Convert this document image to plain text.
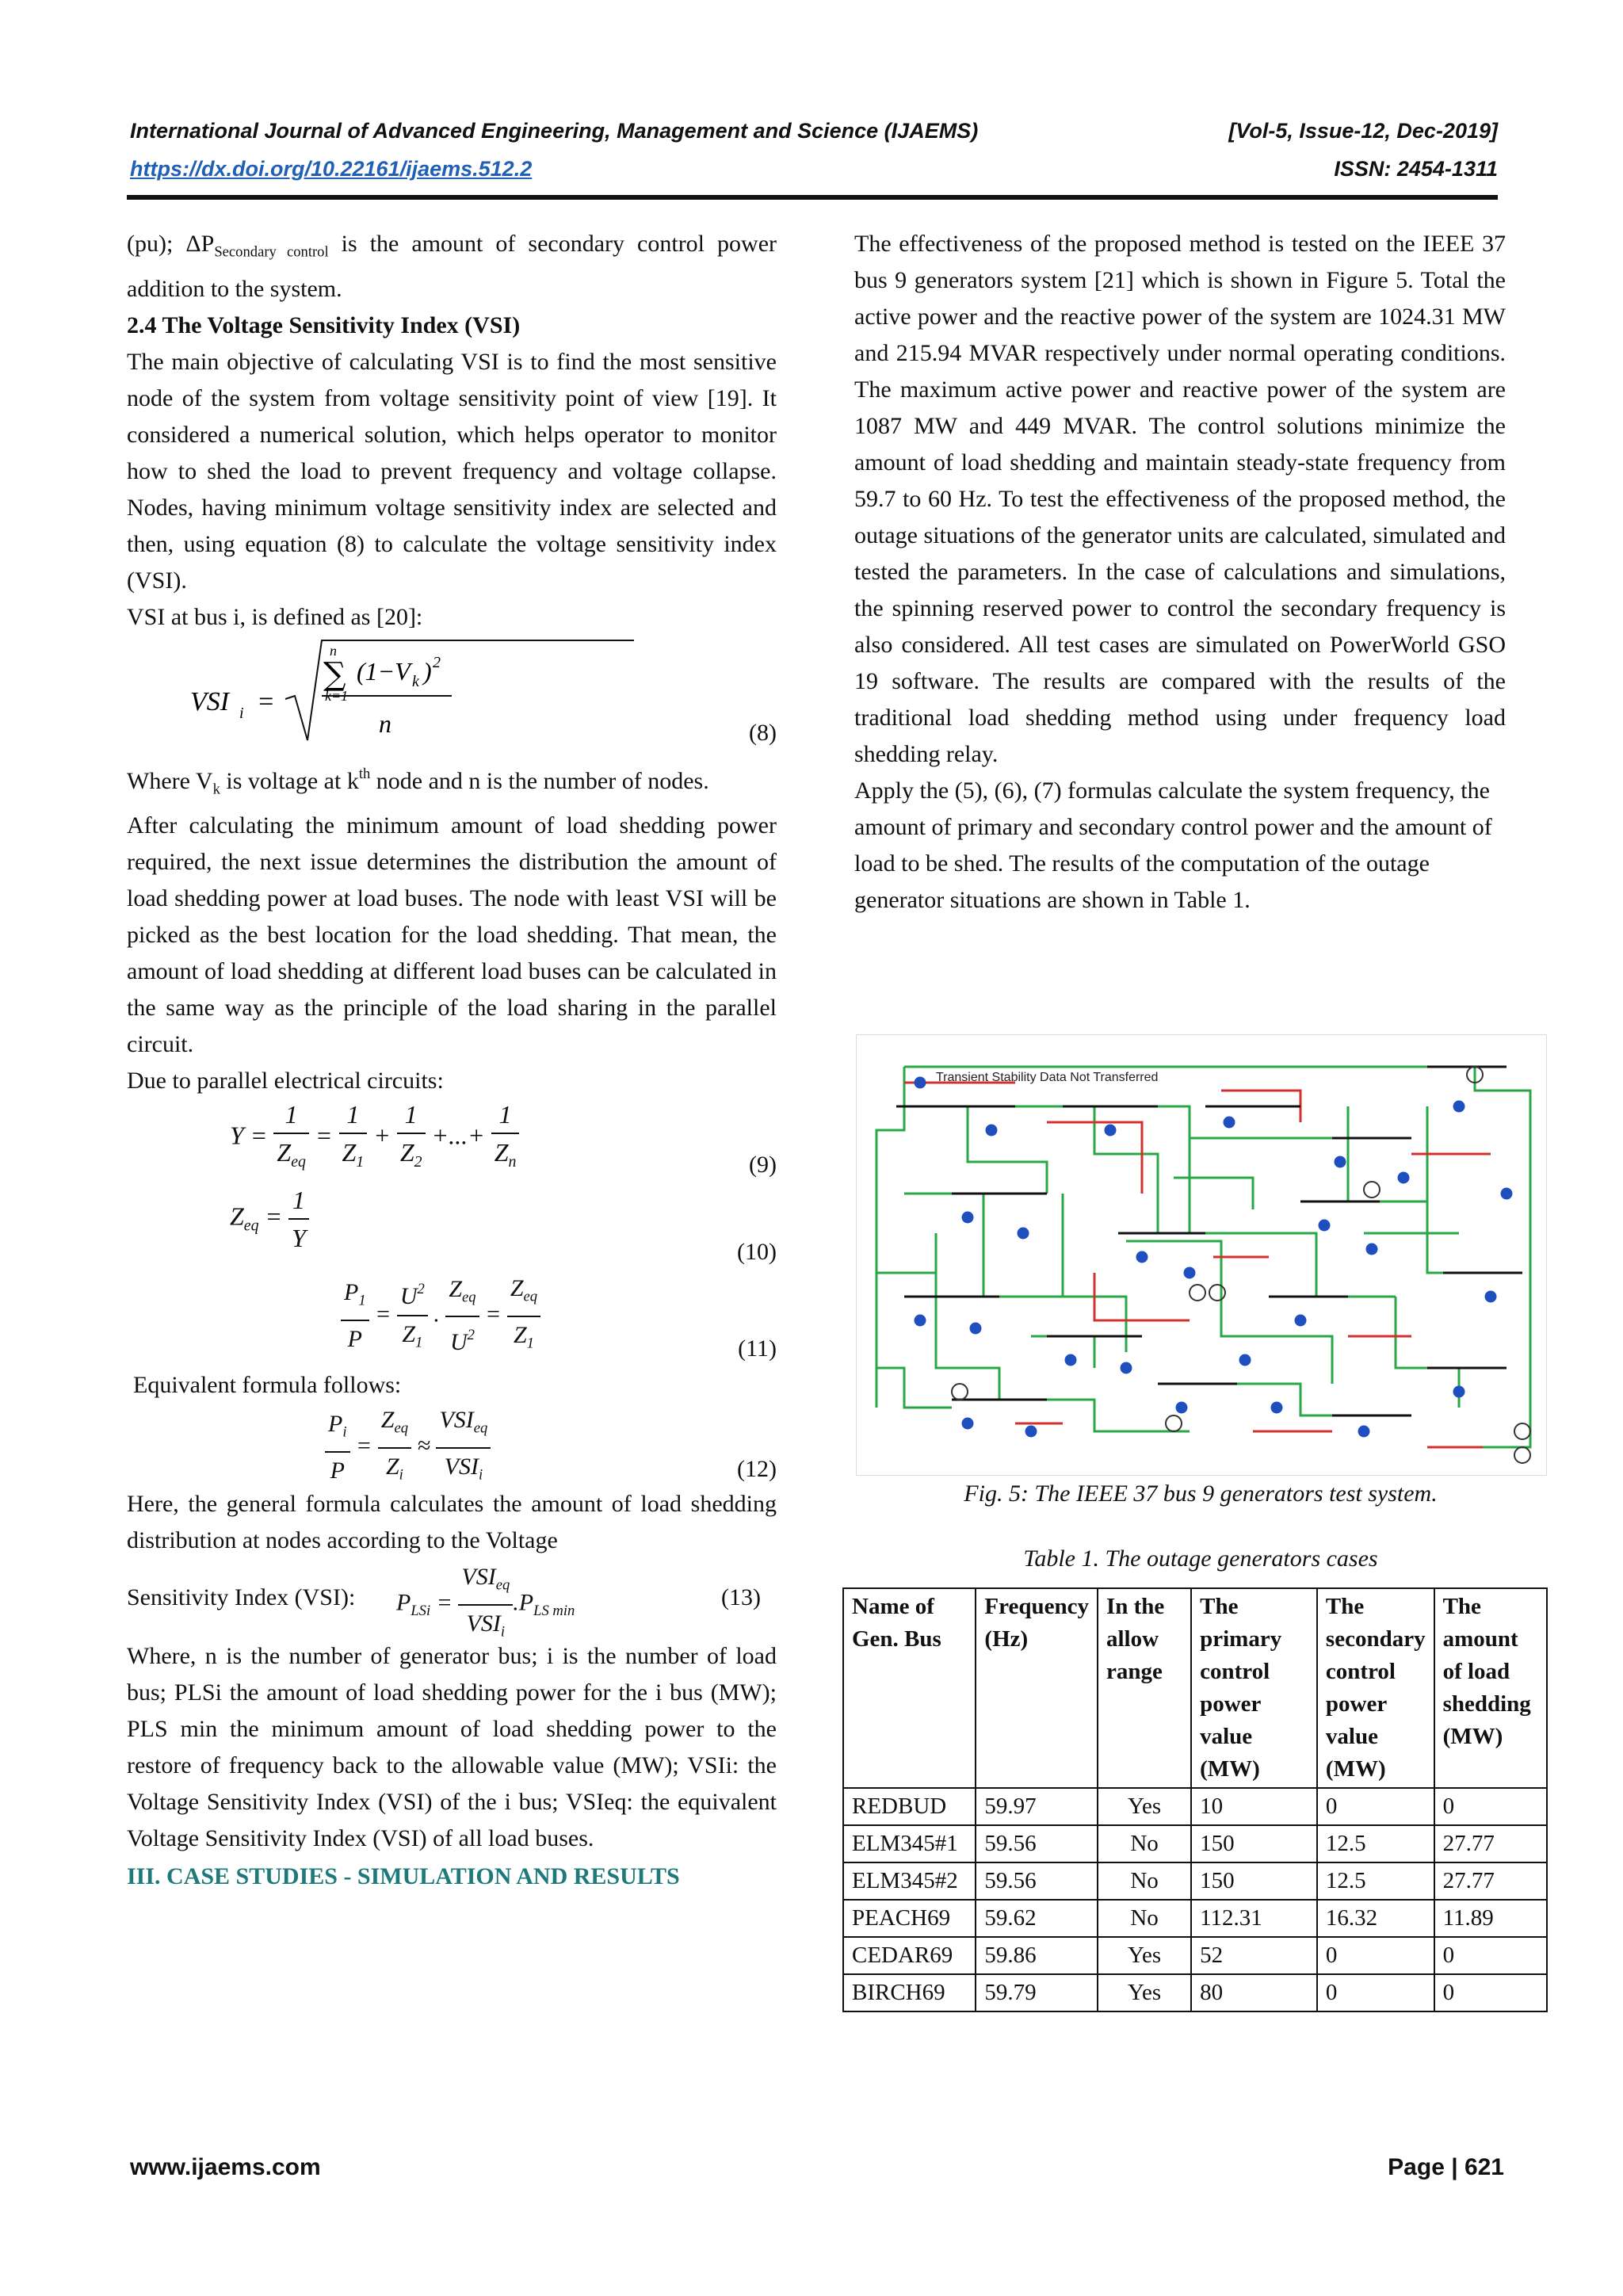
International Journal of Advanced Engineering, Management and Science (IJAEMS)	[Vol-5, Issue-12, Dec-2019]
https://dx.doi.org/10.22161/ijaems.512.2	ISSN: 2454-1311

(pu); $\Delta P_{Secondary control}$ is the amount of secondary control power addition to the system.

2.4 The Voltage Sensitivity Index (VSI)

The main objective of calculating VSI is to find the most sensitive node of the system from voltage sensitivity point of view [19]. It considered a numerical solution, which helps operator to monitor how to shed the load to prevent frequency and voltage collapse. Nodes, having minimum voltage sensitivity index are selected and then, using equation (8) to calculate the voltage sensitivity index (VSI).

VSI at bus i, is defined as [20]:

VSI i =
n
∑
k=1
(1−V k ) 2
n	(8)

Where $V_k$ is voltage at $k^{th}$ node and n is the number of nodes.

After calculating the minimum amount of load shedding power required, the next issue determines the distribution the amount of load shedding power at load buses. The node with least VSI will be picked as the best location for the load shedding. That mean, the amount of load shedding at different load buses can be calculated in the same way as the principle of the load sharing in the parallel circuit.

Due to parallel electrical circuits:

$Y = \frac{1}{Z_{eq}} = \frac{1}{Z_1} + \frac{1}{Z_2}$ +...+ $\frac{1}{Z_n}$	(9)
$Z_{eq} = \frac{1}{Y}$	(10)
$\frac{P_1}{P} = \frac{U^2}{Z_1}$ . $\frac{Z_{eq}}{U^2} = \frac{Z_{eq}}{Z_1}$	(11)

Equivalent formula follows:

$\frac{P_i}{P} = \frac{Z_{eq}}{Z_i} \approx \frac{VSI_{eq}}{VSI_i}$	(12)

Here, the general formula calculates the amount of load shedding distribution at nodes according to the Voltage

Sensitivity Index (VSI): $P_{LSi} = \frac{VSI_{eq}}{VSI_i} .P_{LS min}$
(13)

Where, n is the number of generator bus; i is the number of load bus; PLSi the amount of load shedding power for the i bus (MW); PLS min the minimum amount of load shedding power to the restore of frequency back to the allowable value (MW); VSIi: the Voltage Sensitivity Index (VSI) of the i bus; VSIeq: the equivalent Voltage Sensitivity Index (VSI) of all load buses.

III. CASE STUDIES - SIMULATION AND RESULTS

The effectiveness of the proposed method is tested on the IEEE 37 bus 9 generators system [21] which is shown in Figure 5. Total the active power and the reactive power of the system are 1024.31 MW and 215.94 MVAR respectively under normal operating conditions. The maximum active power and reactive power of the system are 1087 MW and 449 MVAR. The control solutions minimize the amount of load shedding and maintain steady-state frequency from 59.7 to 60 Hz. To test the effectiveness of the proposed method, the outage situations of the generator units are calculated, simulated and tested the parameters. In the case of calculations and simulations, the spinning reserved power to control the secondary frequency is also considered. All test cases are simulated on PowerWorld GSO 19 software. The results are compared with the results of the traditional load shedding method using under frequency load shedding relay.

Apply the (5), (6), (7) formulas calculate the system frequency, the amount of primary and secondary control power and the amount of load to be shed. The results of the computation of the outage generator situations are shown in Table 1.

Transient Stability Data Not Transferred
Fig. 5: The IEEE 37 bus 9 generators test system.
Table 1. The outage generators cases
Name of Gen. Bus	Frequency (Hz)	In the allow range	The primary control power value (MW)	The secondary control power value (MW)	The amount of load shedding (MW)
REDBUD	59.97	Yes	10	0	0
ELM345#1	59.56	No	150	12.5	27.77
ELM345#2	59.56	No	150	12.5	27.77
PEACH69	59.62	No	112.31	16.32	11.89
CEDAR69	59.86	Yes	52	0	0
BIRCH69	59.79	Yes	80	0	0
www.ijaems.com	Page | 621
